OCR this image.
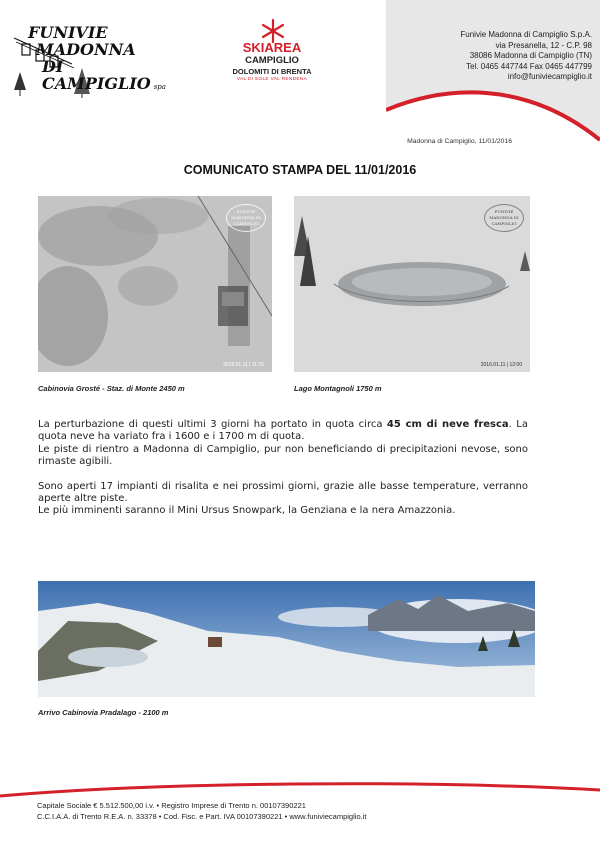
FUNIVIE
MADONNA
DI CAMPIGLIO spa
SKIAREA
CAMPIGLIO
DOLOMITI DI BRENTA
VAL DI SOLE VAL RENDENA
Funivie Madonna di Campiglio S.p.A.
via Presanella, 12 - C.P. 98
38086 Madonna di Campiglio (TN)
Tel. 0465 447744 Fax 0465 447799
info@funiviecampiglio.it
Madonna di Campiglio, 11/01/2016
COMUNICATO STAMPA DEL 11/01/2016
2016.01.11 | 11:25
FUNIVIE MADONNA DI CAMPIGLIO
Cabinovia Grosté - Staz. di Monte 2450 m
2016.01.11 | 12:00
FUNIVIE MADONNA DI CAMPIGLIO
Lago Montagnoli 1750 m

La perturbazione di questi ultimi 3 giorni ha portato in quota circa 45 cm di neve fresca. La quota neve ha variato fra i 1600 e i 1700 m di quota.

Le piste di rientro a Madonna di Campiglio, pur non beneficiando di precipitazioni nevose, sono rimaste agibili.

Sono aperti 17 impianti di risalita e nei prossimi giorni, grazie alle basse temperature, verranno aperte altre piste.

Le più imminenti saranno il Mini Ursus Snowpark, la Genziana e la nera Amazzonia.

Arrivo Cabinovia Pradalago - 2100 m
Capitale Sociale € 5.512.500,00 i.v. • Registro Imprese di Trento n. 00107390221
C.C.I.A.A. di Trento R.E.A. n. 33378 • Cod. Fisc. e Part. IVA 00107390221 • www.funiviecampiglio.it
